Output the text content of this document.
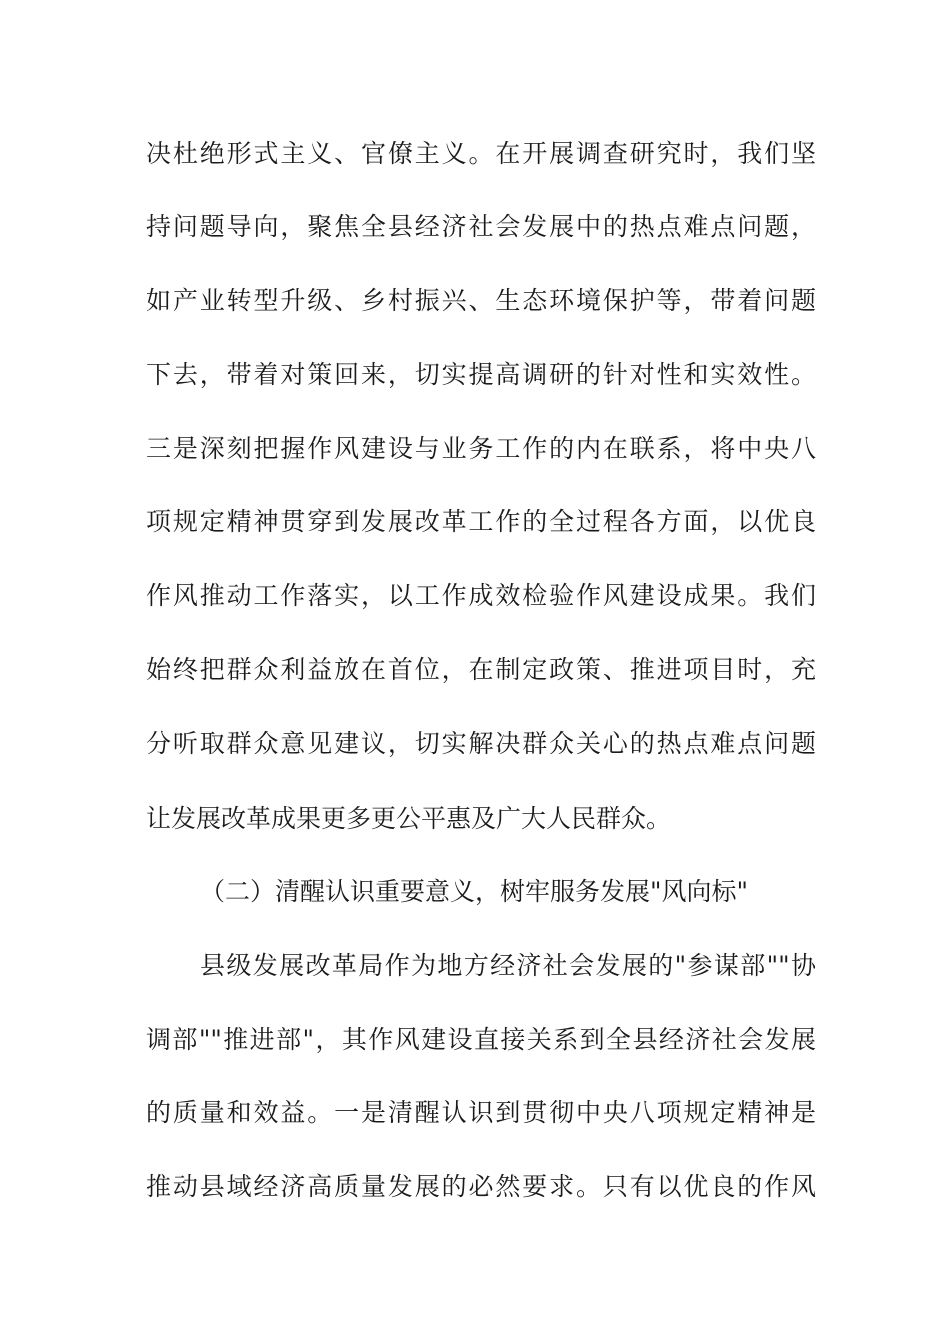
决杜绝形式主义、官僚主义。在开展调查研究时，我们坚
持问题导向，聚焦全县经济社会发展中的热点难点问题，
如产业转型升级、乡村振兴、生态环境保护等，带着问题
下去，带着对策回来，切实提高调研的针对性和实效性。
三是深刻把握作风建设与业务工作的内在联系，将中央八
项规定精神贯穿到发展改革工作的全过程各方面，以优良
作风推动工作落实，以工作成效检验作风建设成果。我们
始终把群众利益放在首位，在制定政策、推进项目时，充
分听取群众意见建议，切实解决群众关心的热点难点问题
让发展改革成果更多更公平惠及广大人民群众。
（二）清醒认识重要意义，树牢服务发展"风向标"
县级发展改革局作为地方经济社会发展的"参谋部""协
调部""推进部"，其作风建设直接关系到全县经济社会发展
的质量和效益。一是清醒认识到贯彻中央八项规定精神是
推动县域经济高质量发展的必然要求。只有以优良的作风
